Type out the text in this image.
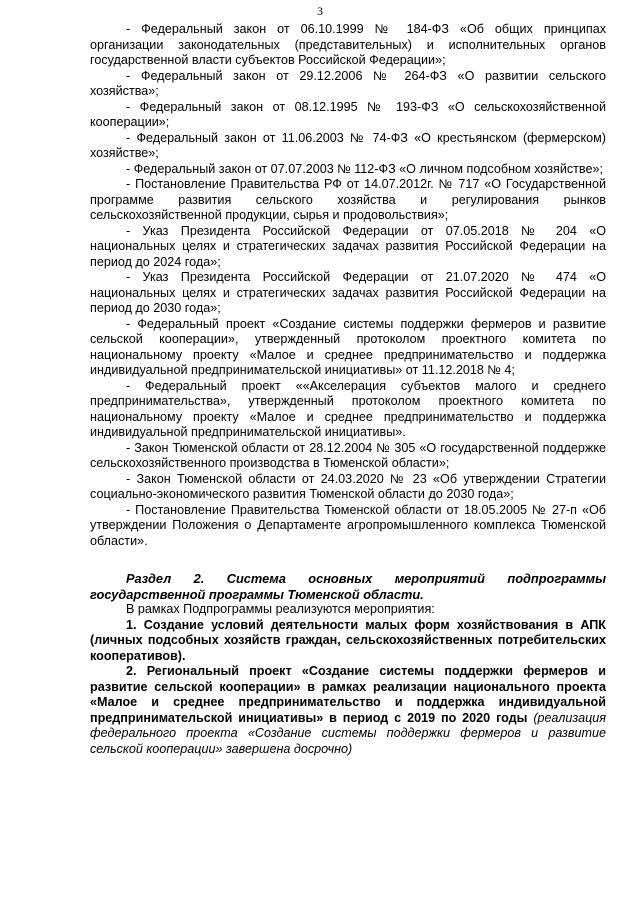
3

- Федеральный закон от 06.10.1999 № 184-ФЗ «Об общих принципах организации законодательных (представительных) и исполнительных органов государственной власти субъектов Российской Федерации»;

- Федеральный закон от 29.12.2006 № 264-ФЗ «О развитии сельского хозяйства»;

- Федеральный закон от 08.12.1995 № 193-ФЗ «О сельскохозяйственной кооперации»;

- Федеральный закон от 11.06.2003 № 74-ФЗ «О крестьянском (фермерском) хозяйстве»;

- Федеральный закон от 07.07.2003 № 112-ФЗ «О личном подсобном хозяйстве»;

- Постановление Правительства РФ от 14.07.2012г. № 717 «О Государственной программе развития сельского хозяйства и регулирования рынков сельскохозяйственной продукции, сырья и продовольствия»;

- Указ Президента Российской Федерации от 07.05.2018 № 204 «О национальных целях и стратегических задачах развития Российской Федерации на период до 2024 года»;

- Указ Президента Российской Федерации от 21.07.2020 № 474 «О национальных целях и стратегических задачах развития Российской Федерации на период до 2030 года»;

- Федеральный проект «Создание системы поддержки фермеров и развитие сельской кооперации», утвержденный протоколом проектного комитета по национальному проекту «Малое и среднее предпринимательство и поддержка индивидуальной предпринимательской инициативы» от 11.12.2018 № 4;

- Федеральный проект ««Акселерация субъектов малого и среднего предпринимательства», утвержденный протоколом проектного комитета по национальному проекту «Малое и среднее предпринимательство и поддержка индивидуальной предпринимательской инициативы».

- Закон Тюменской области от 28.12.2004 № 305 «О государственной поддержке сельскохозяйственного производства в Тюменской области»;

- Закон Тюменской области от 24.03.2020 № 23 «Об утверждении Стратегии социально-экономического развития Тюменской области до 2030 года»;

- Постановление Правительства Тюменской области от 18.05.2005 № 27-п «Об утверждении Положения о Департаменте агропромышленного комплекса Тюменской области».

Раздел 2. Система основных мероприятий подпрограммы государственной программы Тюменской области.

В рамках Подпрограммы реализуются мероприятия:

1. Создание условий деятельности малых форм хозяйствования в АПК (личных подсобных хозяйств граждан, сельскохозяйственных потребительских кооперативов).

2. Региональный проект «Создание системы поддержки фермеров и развитие сельской кооперации» в рамках реализации национального проекта «Малое и среднее предпринимательство и поддержка индивидуальной предпринимательской инициативы» в период с 2019 по 2020 годы (реализация федерального проекта «Создание системы поддержки фермеров и развитие сельской кооперации» завершена досрочно)
